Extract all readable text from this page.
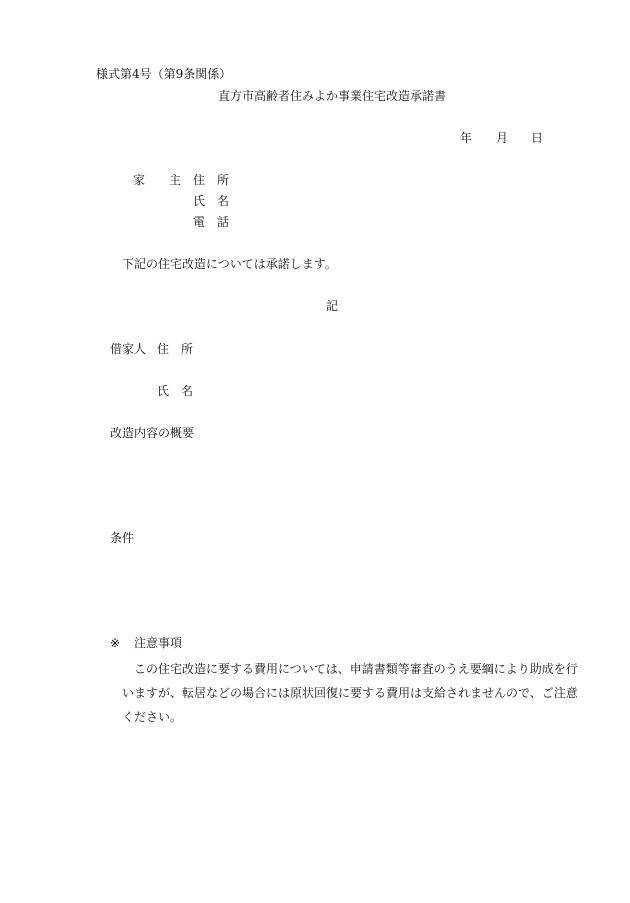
様式第4号（第9条関係）
直方市高齢者住みよか事業住宅改造承諾書
年 月 日
家 主 住　所
氏　名
電　話
下記の住宅改造については承諾します。
記
借家人 住　所
氏　名
改造内容の概要
条件
※ 注意事項
この住宅改造に要する費用については、申請書類等審査のうえ要綱により助成を行
いますが、転居などの場合には原状回復に要する費用は支給されませんので、ご注意
ください。
